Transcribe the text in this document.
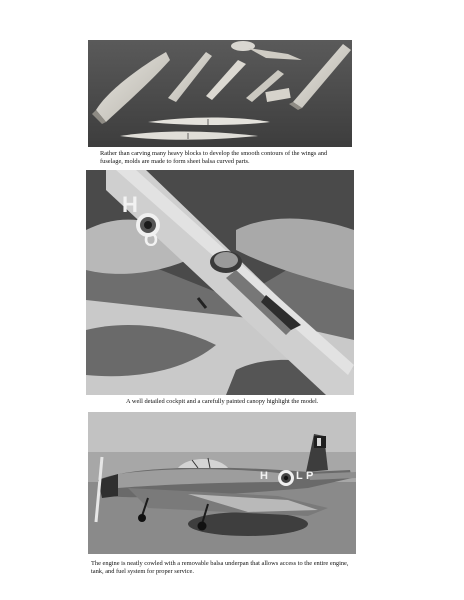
Rather than carving many heavy blocks to develop the smooth contours of the wings and fuselage, molds are made to form sheet balsa curved parts.

H
O

A well detailed cockpit and a carefully painted canopy highlight the model.

H	L P

The engine is neatly cowled with a removable balsa underpan that allows access to the entire engine, tank, and fuel system for proper service.
